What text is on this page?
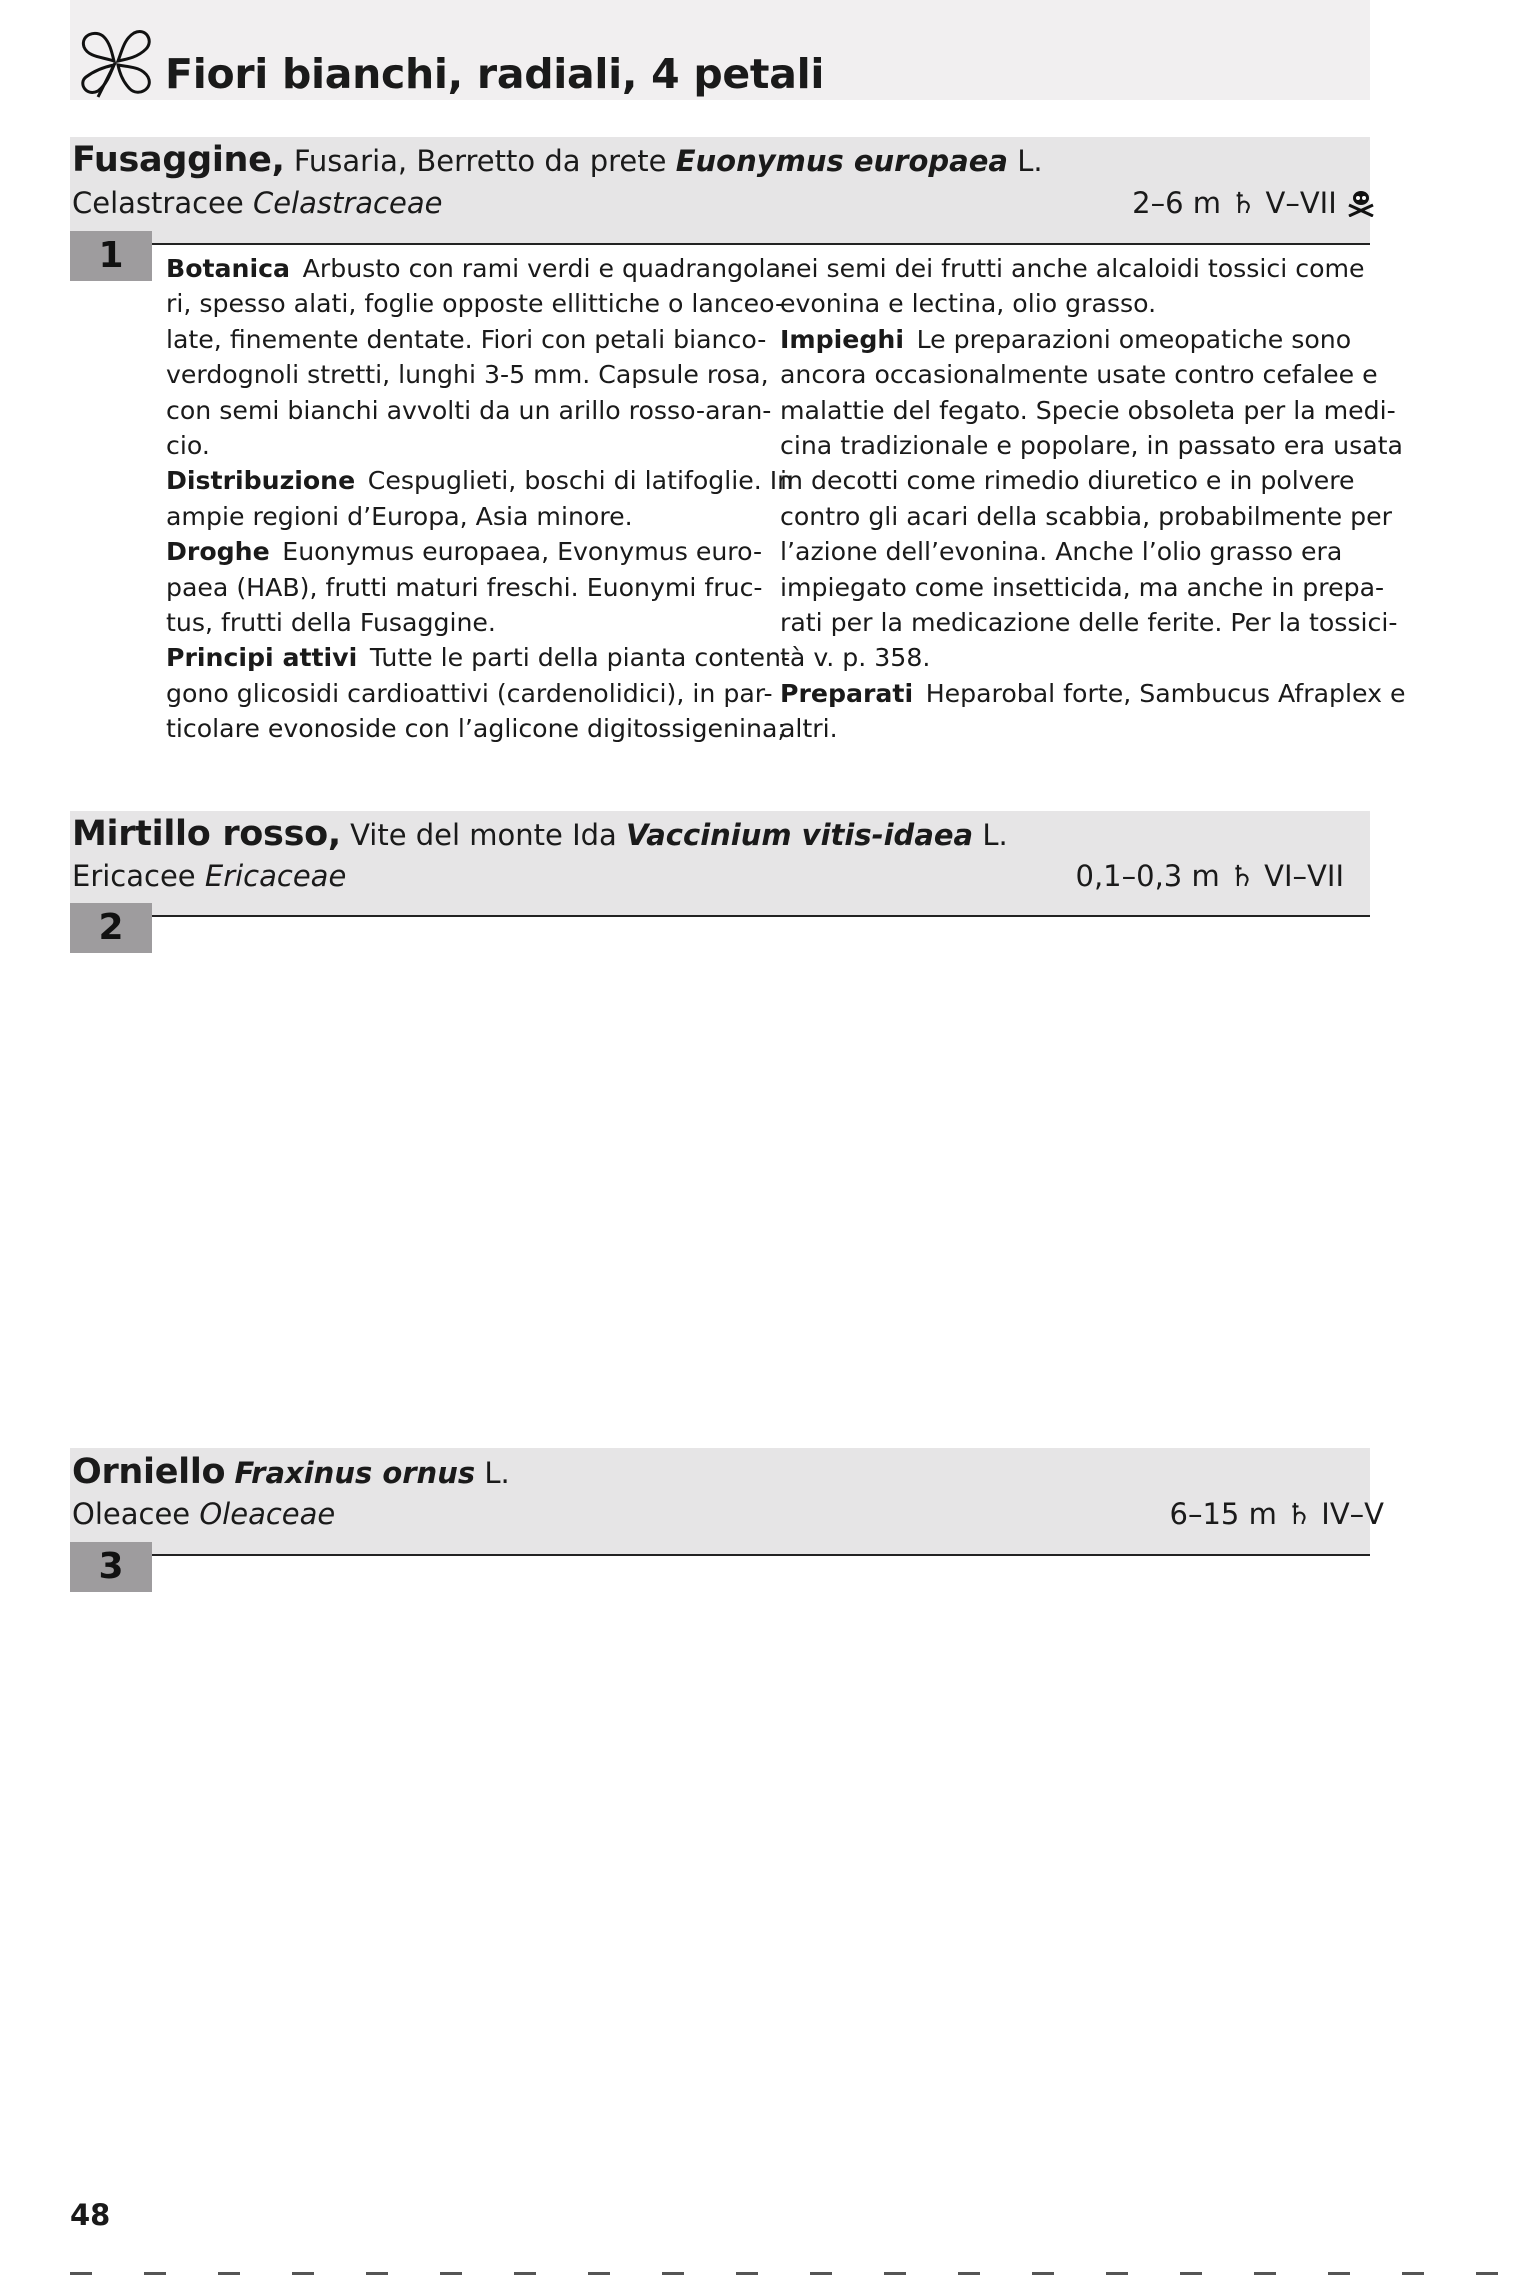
Fiori bianchi, radiali, 4 petali
Fusaggine, Fusaria, Berretto da prete Euonymus europaea L.
Celastracee Celastraceae	2–6 m ♄ V–VII
1	Botanica  Arbusto con rami verdi e quadrangola-
ri, spesso alati, foglie opposte ellittiche o lanceo-
late, finemente dentate. Fiori con petali bianco-
verdognoli stretti, lunghi 3-5 mm. Capsule rosa,
con semi bianchi avvolti da un arillo rosso-aran-
cio.
Distribuzione  Cespuglieti, boschi di latifoglie. In
ampie regioni d’Europa, Asia minore.
Droghe  Euonymus europaea, Evonymus euro-
paea (HAB), frutti maturi freschi. Euonymi fruc-
tus, frutti della Fusaggine.
Principi attivi  Tutte le parti della pianta conten-
gono glicosidi cardioattivi (cardenolidici), in par-
ticolare evonoside con l’aglicone digitossigenina;
nei semi dei frutti anche alcaloidi tossici come
evonina e lectina, olio grasso.
Impieghi  Le preparazioni omeopatiche sono
ancora occasionalmente usate contro cefalee e
malattie del fegato. Specie obsoleta per la medi-
cina tradizionale e popolare, in passato era usata
in decotti come rimedio diuretico e in polvere
contro gli acari della scabbia, probabilmente per
l’azione dell’evonina. Anche l’olio grasso era
impiegato come insetticida, ma anche in prepa-
rati per la medicazione delle ferite. Per la tossici-
tà v. p. 358.
Preparati  Heparobal forte, Sambucus Afraplex e
altri.
Mirtillo rosso, Vite del monte Ida Vaccinium vitis-idaea L.
Ericacee Ericaceae	0,1–0,3 m ♄ VI–VII
2
Orniello Fraxinus ornus L.
Oleacee Oleaceae	6–15 m ♄ IV–V
3
48
